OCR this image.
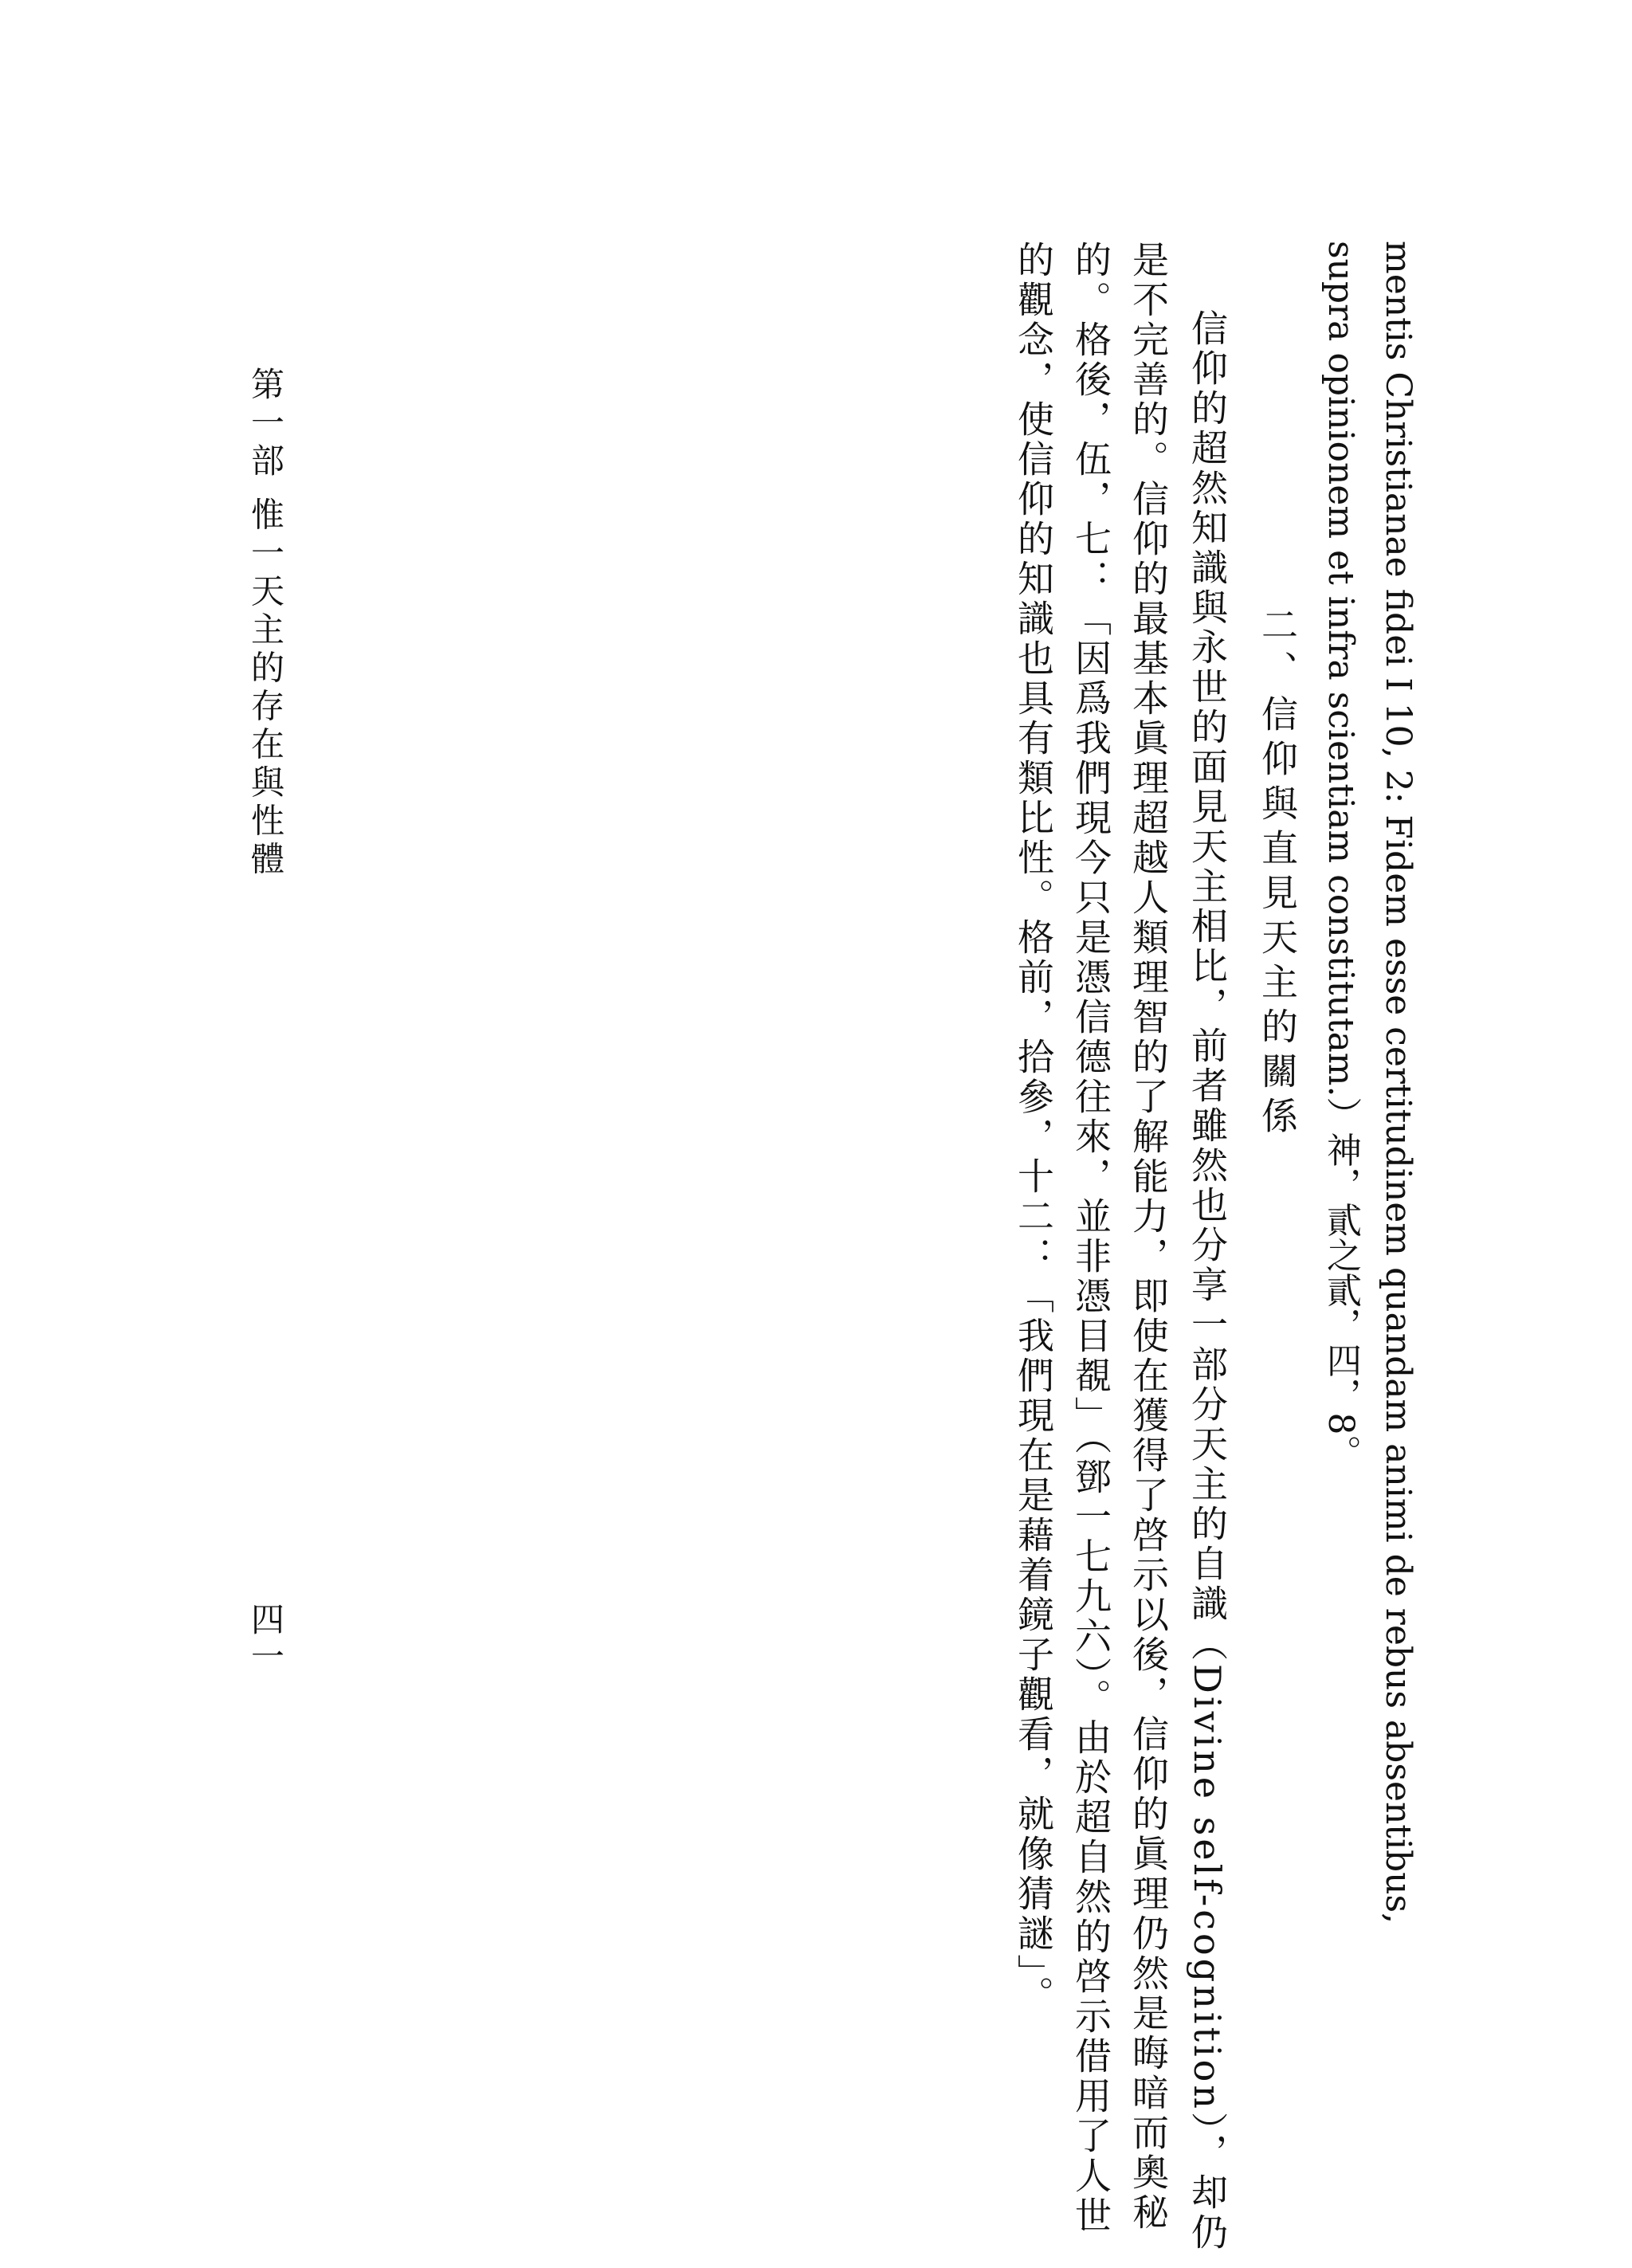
mentis Christianae fidei I 10, 2: Fidem esse certitudinem quandam animi de rebus absentibus,
supra opinionem et infra scientiam constitutam.）神，貳之貳，四，8。
二、信仰與直見天主的關係
信仰的超然知識與永世的面見天主相比，前者雖然也分享一部分天主的自識（Divine self-cognition），却仍
是不完善的。信仰的最基本眞理超越人類理智的了解能力，即使在獲得了啓示以後，信仰的眞理仍然是晦暗而奧秘
的。格後，伍，七：「因爲我們現今只是憑信德往來，並非憑目覩」（鄧一七九六）。由於超自然的啓示借用了人世
的觀念，使信仰的知識也具有類比性。格前，拾參，十二：「我們現在是藉着鏡子觀看，就像猜謎」。
第一部 惟一天主的存在與性體
四一
